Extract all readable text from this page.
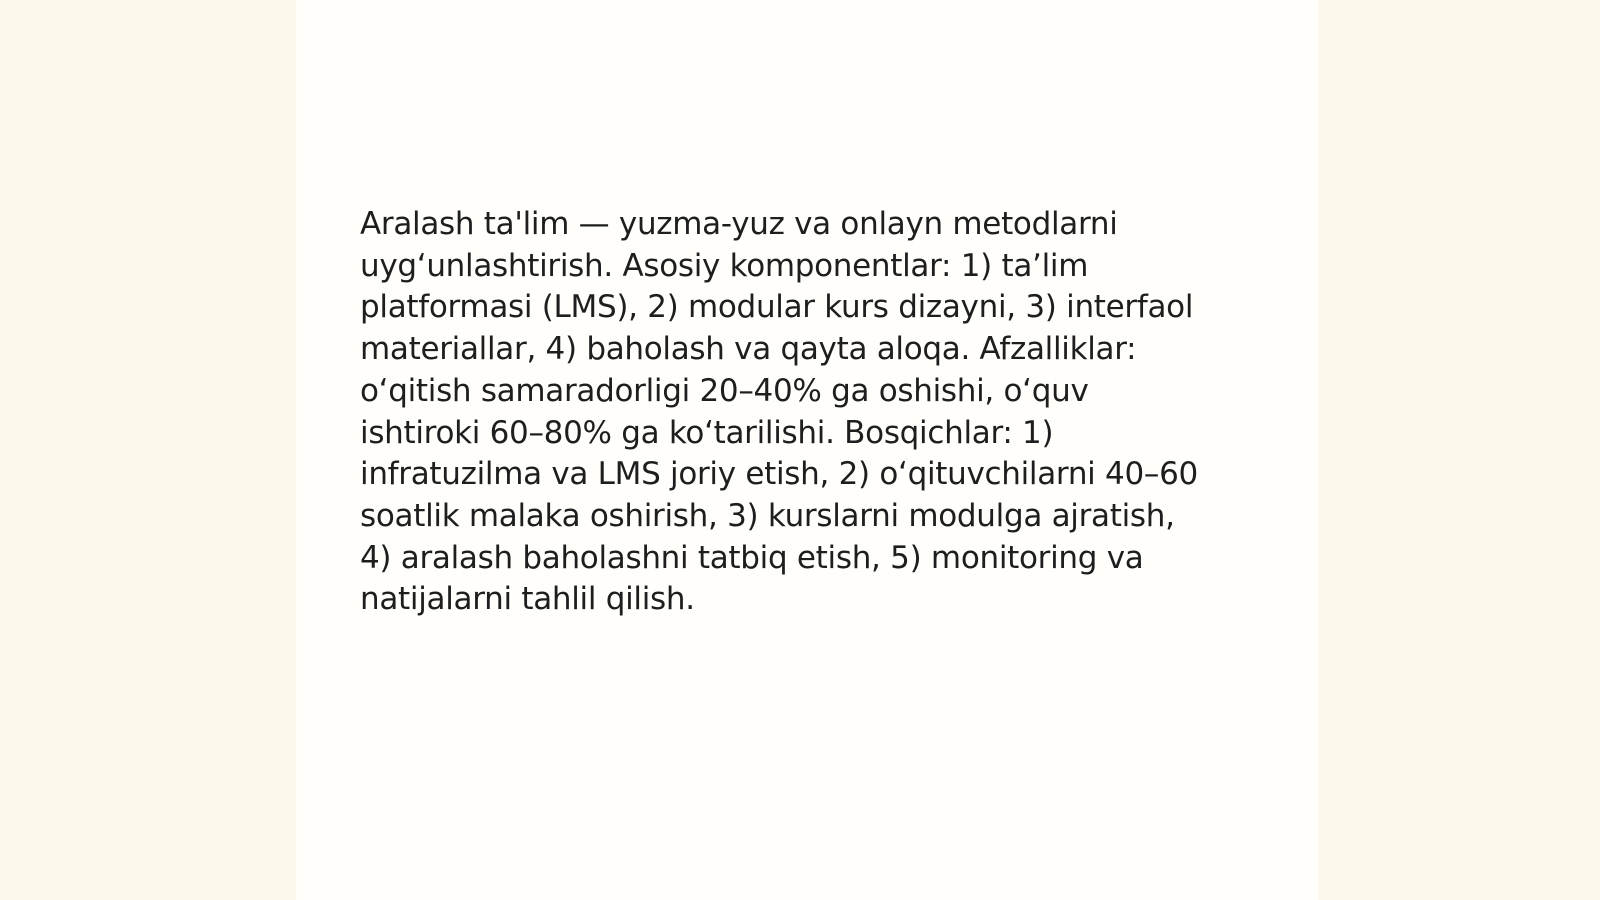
Aralash ta'lim — yuzma-yuz va onlayn metodlarni
uyg‘unlashtirish. Asosiy komponentlar: 1) ta’lim
platformasi (LMS), 2) modular kurs dizayni, 3) interfaol
materiallar, 4) baholash va qayta aloqa. Afzalliklar:
o‘qitish samaradorligi 20–40% ga oshishi, o‘quv
ishtiroki 60–80% ga ko‘tarilishi. Bosqichlar: 1)
infratuzilma va LMS joriy etish, 2) o‘qituvchilarni 40–60
soatlik malaka oshirish, 3) kurslarni modulga ajratish,
4) aralash baholashni tatbiq etish, 5) monitoring va
natijalarni tahlil qilish.
